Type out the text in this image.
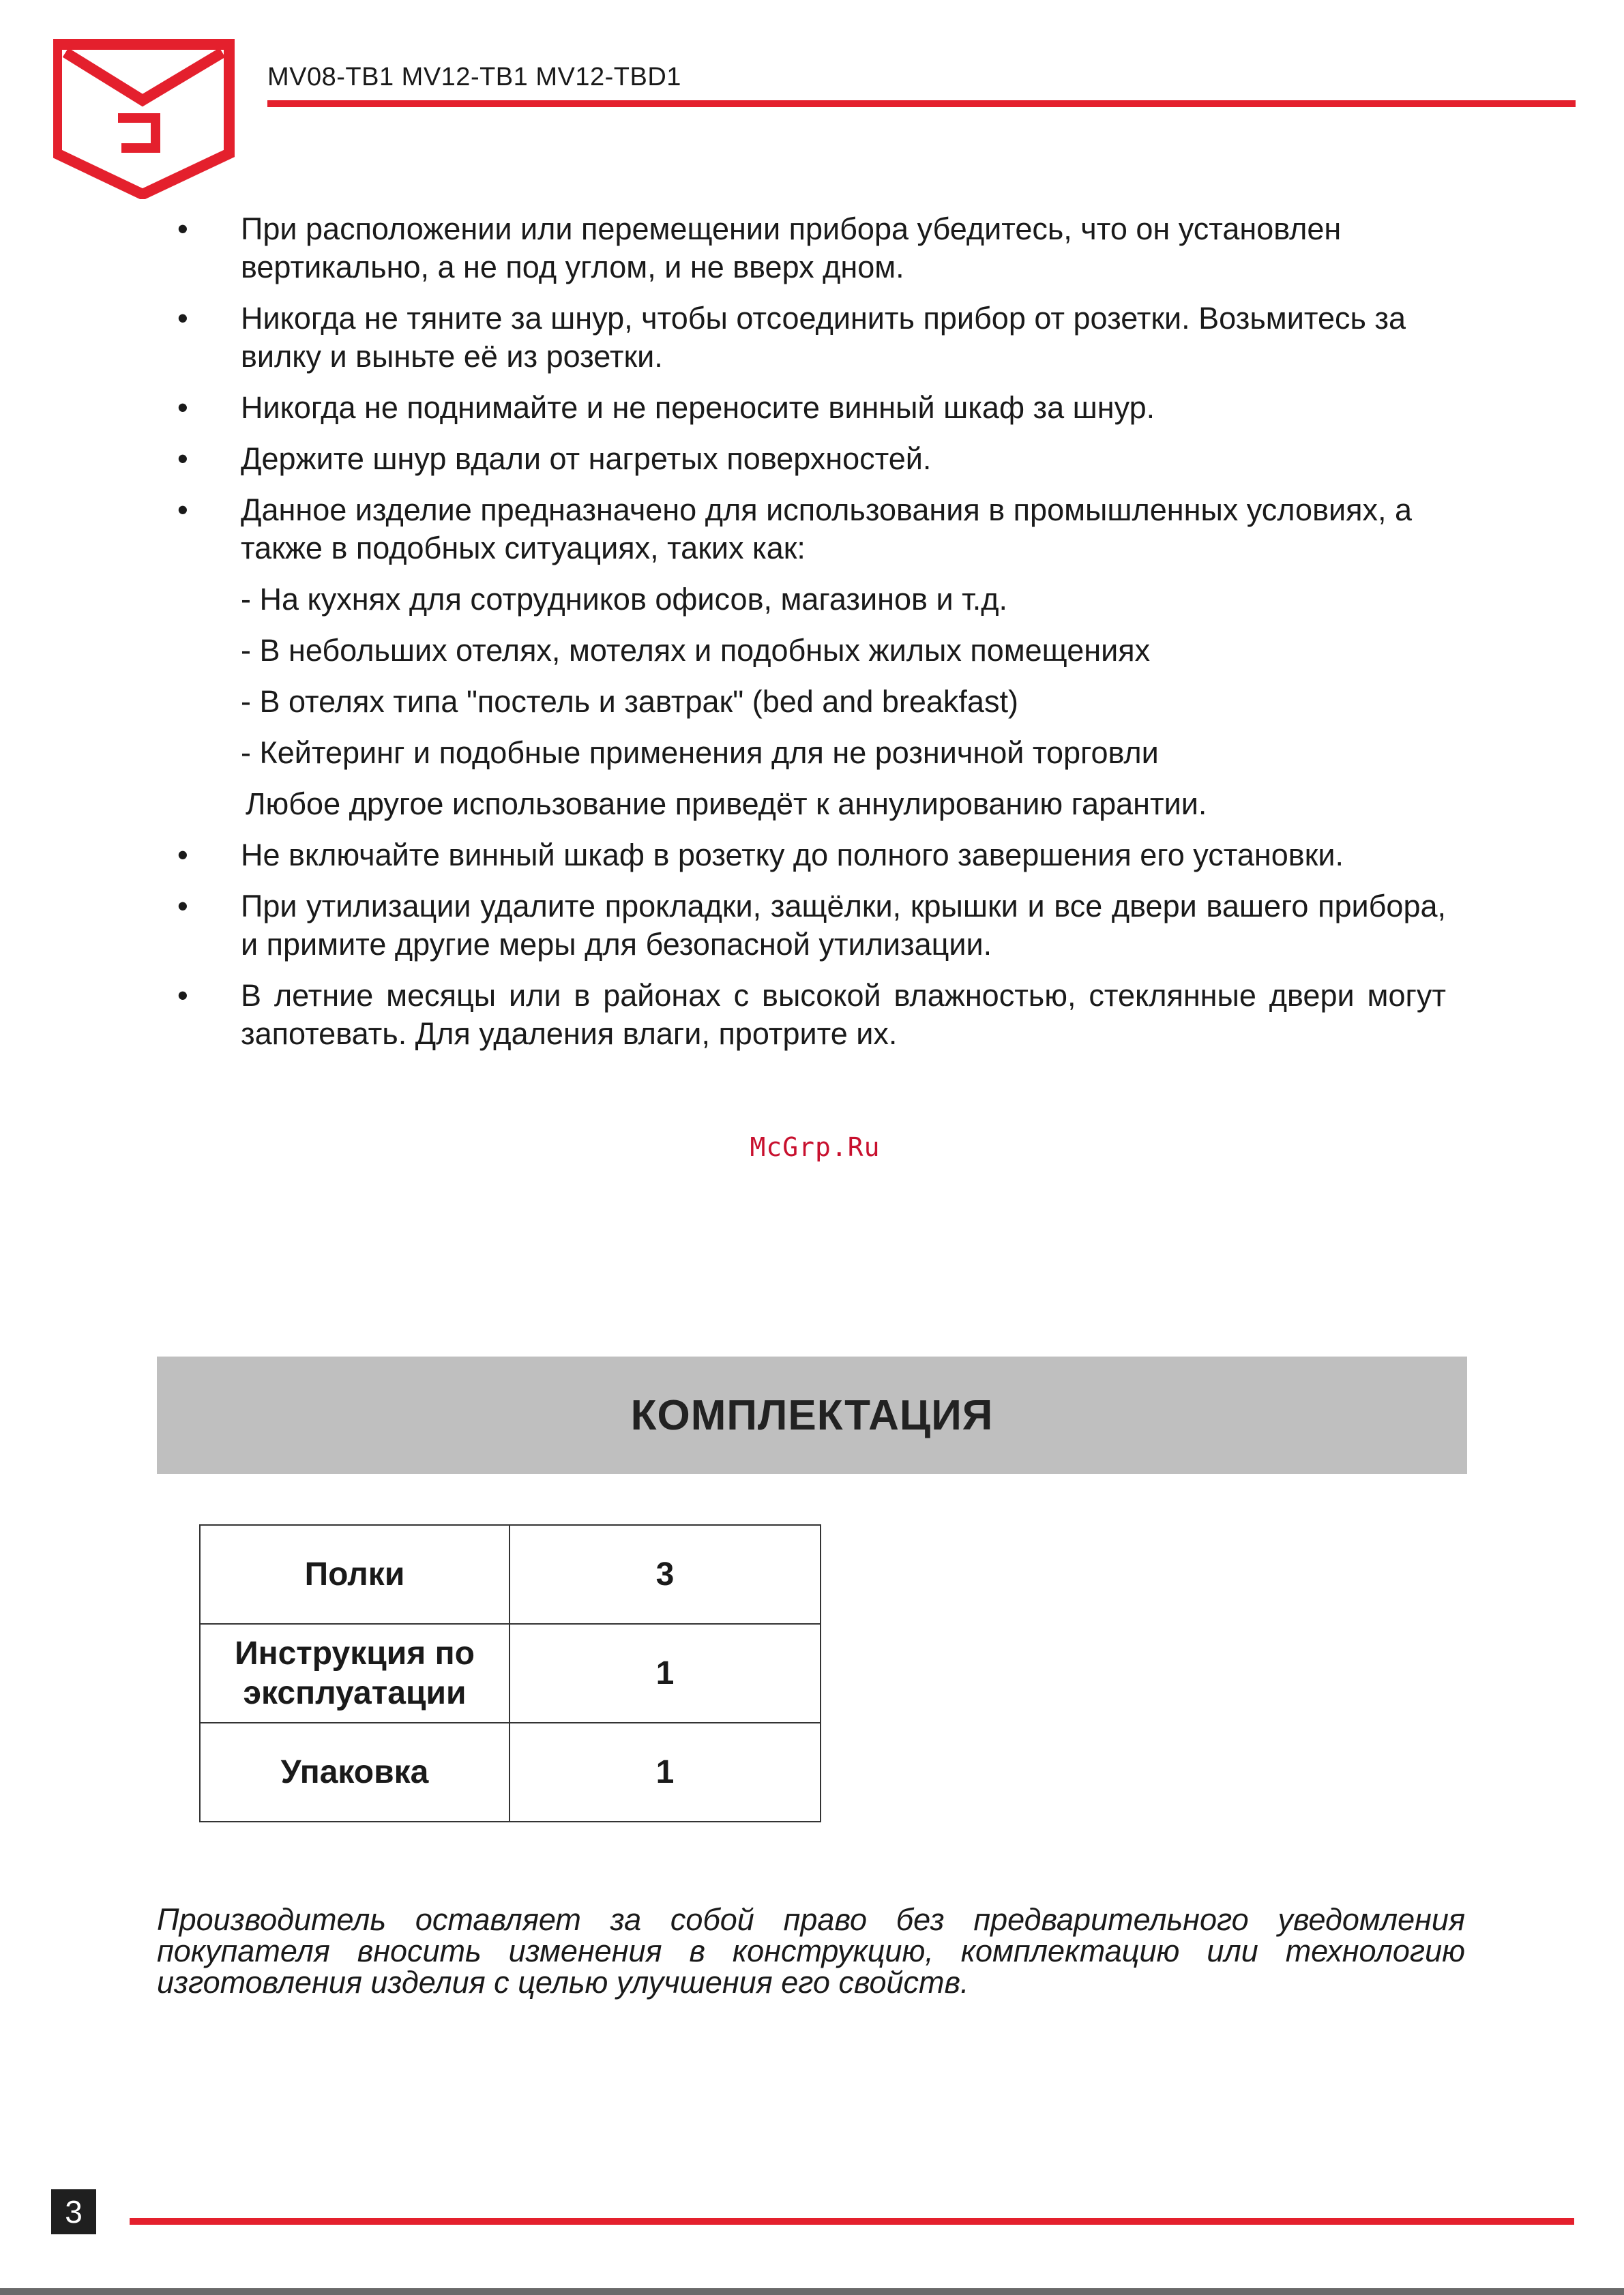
MV08-TB1 MV12-TB1 MV12-TBD1
•	При расположении или перемещении прибора убедитесь, что он установлен вертикально, а не под углом, и не вверх дном.
•	Никогда не тяните за шнур, чтобы отсоединить прибор от розетки. Возьмитесь за вилку и выньте её из розетки.
•	Никогда не поднимайте и не переносите винный шкаф за шнур.
•	Держите шнур вдали от нагретых поверхностей.
•	Данное изделие предназначено для использования в промышленных условиях, а также в подобных ситуациях, таких как:
- На кухнях для сотрудников офисов, магазинов и т.д.
- В небольших отелях, мотелях и подобных жилых помещениях
- В отелях типа "постель и завтрак" (bed and breakfast)
- Кейтеринг и подобные применения для не розничной торговли
Любое другое использование приведёт к аннулированию гарантии.
•	Не включайте винный шкаф в розетку до полного завершения его установки.
•	При утилизации удалите прокладки, защёлки, крышки и все двери вашего прибора, и примите другие меры для безопасной утилизации.
•	В летние месяцы или в районах с высокой влажностью, стеклянные двери могут запотевать. Для удаления влаги, протрите их.
McGrp.Ru
КОМПЛЕКТАЦИЯ
Полки	3
Инструкция по эксплуатации	1
Упаковка	1
Производитель оставляет за собой право без предварительного уведомления покупателя вносить изменения в конструкцию, комплектацию или технологию изготовления изделия с целью улучшения его свойств.
3
